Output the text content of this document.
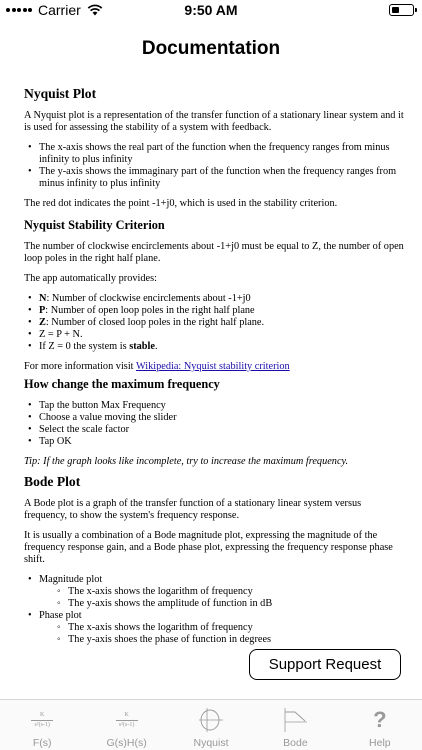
Carrier	9:50 AM
Documentation
Nyquist Plot

A Nyquist plot is a representation of the transfer function of a stationary linear system and it is used for assessing the stability of a system with feedback.

• The x-axis shows the real part of the function when the frequency ranges from minus infinity to plus infinity
• The y-axis shows the immaginary part of the function when the frequency ranges from minus infinity to plus infinity

The red dot indicates the point -1+j0, which is used in the stability criterion.

Nyquist Stability Criterion

The number of clockwise encirclements about -1+j0 must be equal to Z, the number of open loop poles in the right half plane.

The app automatically provides:

• N: Number of clockwise encirclements about -1+j0
• P: Number of open loop poles in the right half plane
• Z: Number of closed loop poles in the right half plane.
• Z = P + N.
• If Z = 0 the system is stable.

For more information visit Wikipedia: Nyquist stability criterion

How change the maximum frequency
• Tap the button Max Frequency
• Choose a value moving the slider
• Select the scale factor
• Tap OK

Tip: If the graph looks like incomplete, try to increase the maximum frequency.

Bode Plot

A Bode plot is a graph of the transfer function of a stationary linear system versus frequency, to show the system's frequency response.

It is usually a combination of a Bode magnitude plot, expressing the magnitude of the frequency response gain, and a Bode phase plot, expressing the frequency response phase shift.

• Magnitude plot
◦ The x-axis shows the logarithm of frequency
◦ The y-axis shows the amplitude of function in dB
• Phase plot
◦ The x-axis shows the logarithm of frequency
◦ The y-axis shoes the phase of function in degrees
Support Request
$\frac{K}{\text{s²(s-1)}}$
F(s)
$\frac{K}{\text{s²(s-1)}}$
G(s)H(s)	Nyquist	Bode
?
Help
